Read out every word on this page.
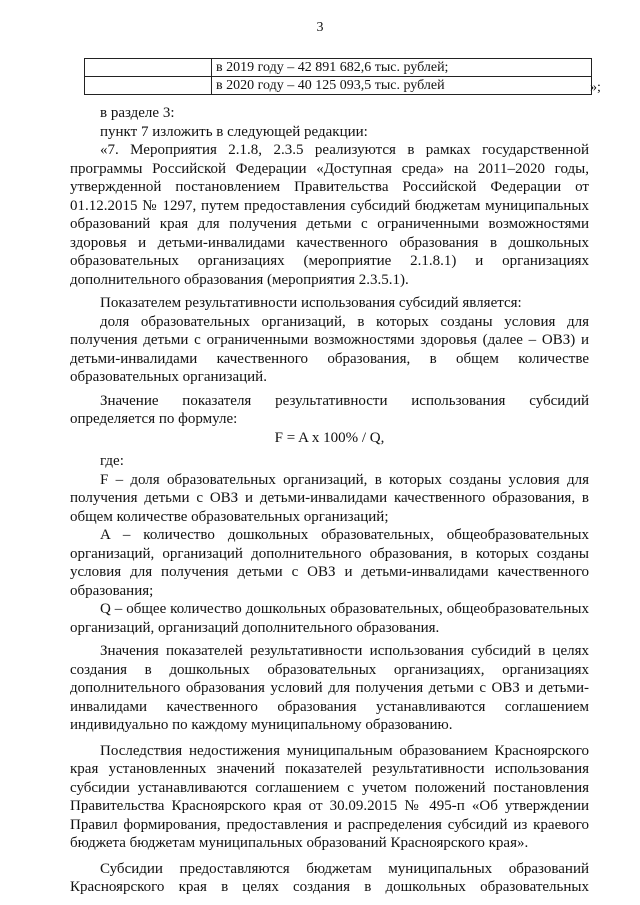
3
	в 2019 году – 42 891 682,6 тыс. рублей;
	в 2020 году – 40 125 093,5 тыс. рублей	»;

в разделе 3:

пункт 7 изложить в следующей редакции:

«7. Мероприятия 2.1.8, 2.3.5 реализуются в рамках государственной программы Российской Федерации «Доступная среда» на 2011–2020 годы, утвержденной постановлением Правительства Российской Федерации от 01.12.2015 № 1297, путем предоставления субсидий бюджетам муниципальных образований края для получения детьми с ограниченными возможностями здоровья и детьми-инвалидами качественного образования в дошкольных образовательных организациях (мероприятие 2.1.8.1) и организациях дополнительного образования (мероприятия 2.3.5.1).

Показателем результативности использования субсидий является:

доля образовательных организаций, в которых созданы условия для получения детьми с ограниченными возможностями здоровья (далее – ОВЗ) и детьми-инвалидами качественного образования, в общем количестве образовательных организаций.

Значение показателя результативности использования субсидий определяется по формуле:

F = A x 100% / Q,

где:

F – доля образовательных организаций, в которых созданы условия для получения детьми с ОВЗ и детьми-инвалидами качественного образования, в общем количестве образовательных организаций;

A – количество дошкольных образовательных, общеобразовательных организаций, организаций дополнительного образования, в которых созданы условия для получения детьми с ОВЗ и детьми-инвалидами качественного образования;

Q – общее количество дошкольных образовательных, общеобразовательных организаций, организаций дополнительного образования.

Значения показателей результативности использования субсидий в целях создания в дошкольных образовательных организациях, организациях дополнительного образования условий для получения детьми с ОВЗ и детьми-инвалидами качественного образования устанавливаются соглашением индивидуально по каждому муниципальному образованию.

Последствия недостижения муниципальным образованием Красноярского края установленных значений показателей результативности использования субсидии устанавливаются соглашением с учетом положений постановления Правительства Красноярского края от 30.09.2015 № 495-п «Об утверждении Правил формирования, предоставления и распределения субсидий из краевого бюджета бюджетам муниципальных образований Красноярского края».

Субсидии предоставляются бюджетам муниципальных образований Красноярского края в целях создания в дошкольных образовательных
